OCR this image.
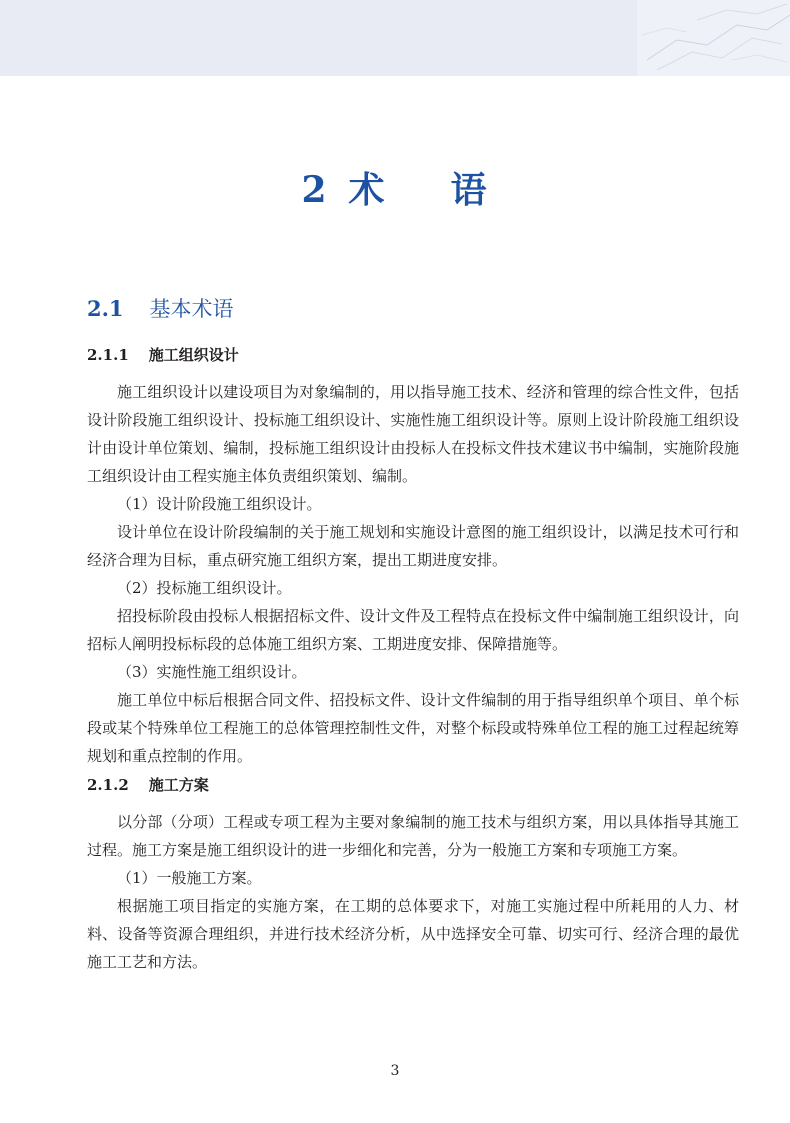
2 术 语
2.1 基本术语
2.1.1 施工组织设计

施工组织设计以建设项目为对象编制的，用以指导施工技术、经济和管理的综合性文件，包括设计阶段施工组织设计、投标施工组织设计、实施性施工组织设计等。原则上设计阶段施工组织设计由设计单位策划、编制，投标施工组织设计由投标人在投标文件技术建议书中编制，实施阶段施工组织设计由工程实施主体负责组织策划、编制。

（1）设计阶段施工组织设计。

设计单位在设计阶段编制的关于施工规划和实施设计意图的施工组织设计，以满足技术可行和经济合理为目标，重点研究施工组织方案，提出工期进度安排。

（2）投标施工组织设计。

招投标阶段由投标人根据招标文件、设计文件及工程特点在投标文件中编制施工组织设计，向招标人阐明投标标段的总体施工组织方案、工期进度安排、保障措施等。

（3）实施性施工组织设计。

施工单位中标后根据合同文件、招投标文件、设计文件编制的用于指导组织单个项目、单个标段或某个特殊单位工程施工的总体管理控制性文件，对整个标段或特殊单位工程的施工过程起统筹规划和重点控制的作用。

2.1.2 施工方案

以分部（分项）工程或专项工程为主要对象编制的施工技术与组织方案，用以具体指导其施工过程。施工方案是施工组织设计的进一步细化和完善，分为一般施工方案和专项施工方案。

（1）一般施工方案。

根据施工项目指定的实施方案，在工期的总体要求下，对施工实施过程中所耗用的人力、材料、设备等资源合理组织，并进行技术经济分析，从中选择安全可靠、切实可行、经济合理的最优施工工艺和方法。

3
